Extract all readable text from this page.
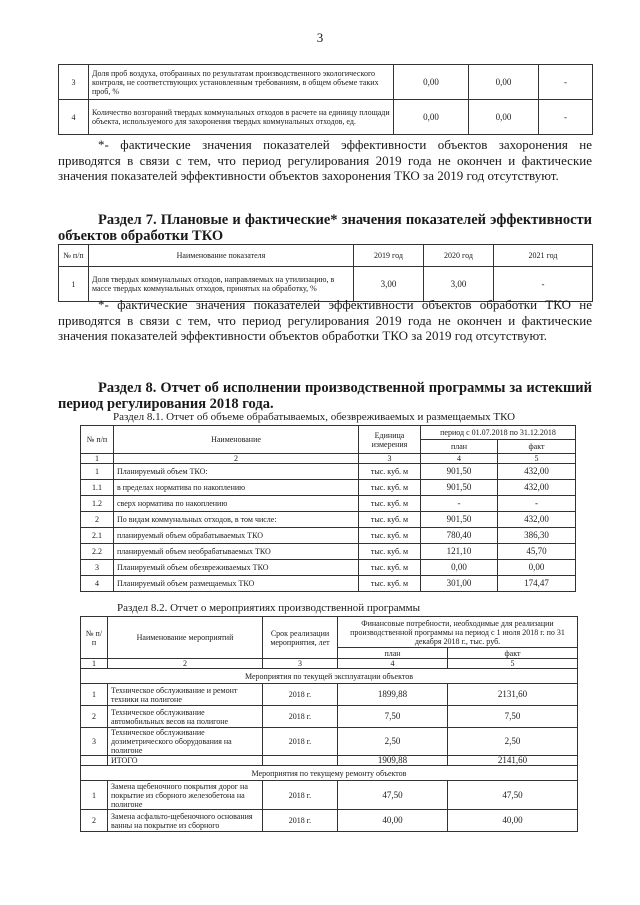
3
3	Доля проб воздуха, отобранных по результатам производственного экологического контроля, не соответствующих установленным требованиям, в общем объеме таких проб, %	0,00	0,00	-
4	Количество возгораний твердых коммунальных отходов в расчете на единицу площади объекта, используемого для захоронения твердых коммунальных отходов, ед.	0,00	0,00	-
*- фактические значения показателей эффективности объектов захоронения не приводятся в связи с тем, что период регулирования 2019 года не окончен и фактические значения показателей эффективности объектов захоронения ТКО за 2019 год отсутствуют.
Раздел 7. Плановые и фактические* значения показателей эффективности объектов обработки ТКО
№ п/п	Наименование показателя	2019 год	2020 год	2021 год
1	Доля твердых коммунальных отходов, направляемых на утилизацию, в массе твердых коммунальных отходов, принятых на обработку, %	3,00	3,00	-
*- фактические значения показателей эффективности объектов обработки ТКО не приводятся в связи с тем, что период регулирования 2019 года не окончен и фактические значения показателей эффективности объектов обработки ТКО за 2019 год отсутствуют.
Раздел 8. Отчет об исполнении производственной программы за истекший период регулирования 2018 года.
Раздел 8.1. Отчет об объеме обрабатываемых, обезвреживаемых и размещаемых ТКО
№ п/п	Наименование	Единица измерения	период с 01.07.2018 по 31.12.2018	
			план	факт
1	2	3	4	5
1	Планируемый объем ТКО:	тыс. куб. м	901,50	432,00
1.1	в пределах норматива по накоплению	тыс. куб. м	901,50	432,00
1.2	сверх норматива по накоплению	тыс. куб. м	-	-
2	По видам коммунальных отходов, в том числе:	тыс. куб. м	901,50	432,00
2.1	планируемый объем обрабатываемых ТКО	тыс. куб. м	780,40	386,30
2.2	планируемый объем необрабатываемых ТКО	тыс. куб. м	121,10	45,70
3	Планируемый объем обезвреживаемых ТКО	тыс. куб. м	0,00	0,00
4	Планируемый объем размещаемых ТКО	тыс. куб. м	301,00	174,47
Раздел 8.2. Отчет о мероприятиях производственной программы
№ п/п	Наименование мероприятий	Срок реализации мероприятия, лет	Финансовые потребности, необходимые для реализации производственной программы на период с 1 июля 2018 г. по 31 декабря 2018 г., тыс. руб.	
			план	факт
1	2	3	4	5
Мероприятия по текущей эксплуатации объектов				
1	Техническое обслуживание и ремонт техники на полигоне	2018 г.	1899,88	2131,60
2	Техническое обслуживание автомобильных весов на полигоне	2018 г.	7,50	7,50
3	Техническое обслуживание дозиметрического оборудования на полигоне	2018 г.	2,50	2,50
	ИТОГО		1909,88	2141,60
Мероприятия по текущему ремонту объектов				
1	Замена щебеночного покрытия дорог на покрытие из сборного железобетона на полигоне	2018 г.	47,50	47,50
2	Замена асфальто-щебеночного основания ванны на покрытие из сборного	2018 г.	40,00	40,00
